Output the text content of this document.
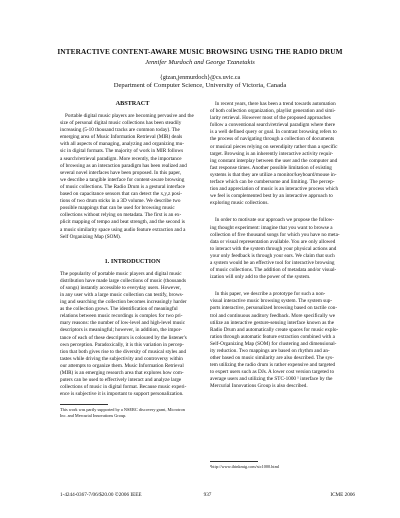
INTERACTIVE CONTENT-AWARE MUSIC BROWSING USING THE RADIO DRUM
Jennifer Murdoch and George Tzanetakis
{gtzan,jenmurdoch}@cs.uvic.ca
Department of Computer Science, University of Victoria, Canada
ABSTRACT
Portable digital music players are becoming pervasive and the
size of personal digital music collections has been steadily
increasing (5-10 thousand tracks are common today). The
emerging area of Music Information Retrieval (MIR) deals
with all aspects of managing, analyzing and organizing mu-
sic in digital formats. The majority of work in MIR follows
a search/retrieval paradigm. More recently, the importance
of browsing as an interaction paradigm has been realized and
several novel interfaces have been proposed. In this paper,
we describe a tangible interface for content-aware browsing
of music collections. The Radio Drum is a gestural interface
based on capacitance sensors that can detect the x,y,z posi-
tions of two drum sticks in a 3D volume. We describe two
possible mappings that can be used for browsing music
collections without relying on metadata. The first is an ex-
plicit mapping of tempo and beat strength, and the second is
a music similarity space using audio feature extraction and a
Self Organizing Map (SOM).
1. INTRODUCTION
The popularity of portable music players and digital music
distribution have made large collections of music (thousands
of songs) instantly accessible to everyday users. However,
in any user with a large music collection can testify, brows-
ing and searching the collection becomes increasingly harder
as the collection grows. The identification of meaningful
relations between music recordings is complex for two pri-
mary reasons: the number of low-level and high-level music
descriptors is meaningful; however, in addition, the impor-
tance of each of these descriptors is coloured by the listener's
own perception. Paradoxically, it is this variation in percep-
tion that both gives rise to the diversity of musical styles and
tastes while driving the subjectivity and controversy within
our attempts to organize them. Music Information Retrieval
(MIR) is an emerging research area that explores how com-
puters can be used to effectively interact and analyze large
collections of music in digital format. Because music experi-
ence is subjective it is important to support personalization.
This work was partly supported by a NSERC discovery grant, Microtron
Inc. and Mercurial Innovations Group.
In recent years, there has been a trend towards automation
of both collection organization, playlist generation and simi-
larity retrieval. However most of the proposed approaches
follow a conventional search/retrieval paradigm where there
is a well defined query or goal. In contrast browsing refers to
the process of navigating through a collection of documents
or musical pieces relying on serendipity rather than a specific
target. Browsing is an inherently interactive activity requir-
ing constant interplay between the user and the computer and
fast response times. Another possible limitation of existing
systems is that they are utilize a monitor/keyboard/mouse in-
terface which can be cumbersome and limiting. The percep-
tion and appreciation of music is an interactive process which
we feel is complemented best by an interactive approach to
exploring music collections.
In order to motivate our approach we propose the follow-
ing thought experiment: imagine that you want to browse a
collection of five thousand songs for which you have no meta-
data or visual representation available. You are only allowed
to interact with the system through your physical actions and
your only feedback is through your ears. We claim that such
a system would be an effective tool for interactive browsing
of music collections. The addition of metadata and/or visual-
ization will only add to the power of the system.
In this paper, we describe a prototype for such a non-
visual interactive music browsing system. The system sup-
ports interactive, personalized browsing based on tactile con-
trol and continuous auditory feedback. More specifically we
utilize an interactive gesture-sensing interface known as the
Radio Drum and automatically create spaces for music explo-
ration through automatic feature extraction combined with a
Self-Organizing Map (SOM) for clustering and dimensional-
ity reduction. Two mappings are based on rhythm and an-
other based on music similarity are also described. The sys-
tem utilizing the radio drum is rather expensive and targeted
to expert users such as DJs. A lower cost version targeted to
average users and utilizing the STC-1000 ¹ interface by the
Mercurial Innovations Group is also described.
¹http://www.thinkmig.com/stc1000.html
1-4244-0367-7/06/$20.00 ©2006 IEEE	937	ICME 2006
